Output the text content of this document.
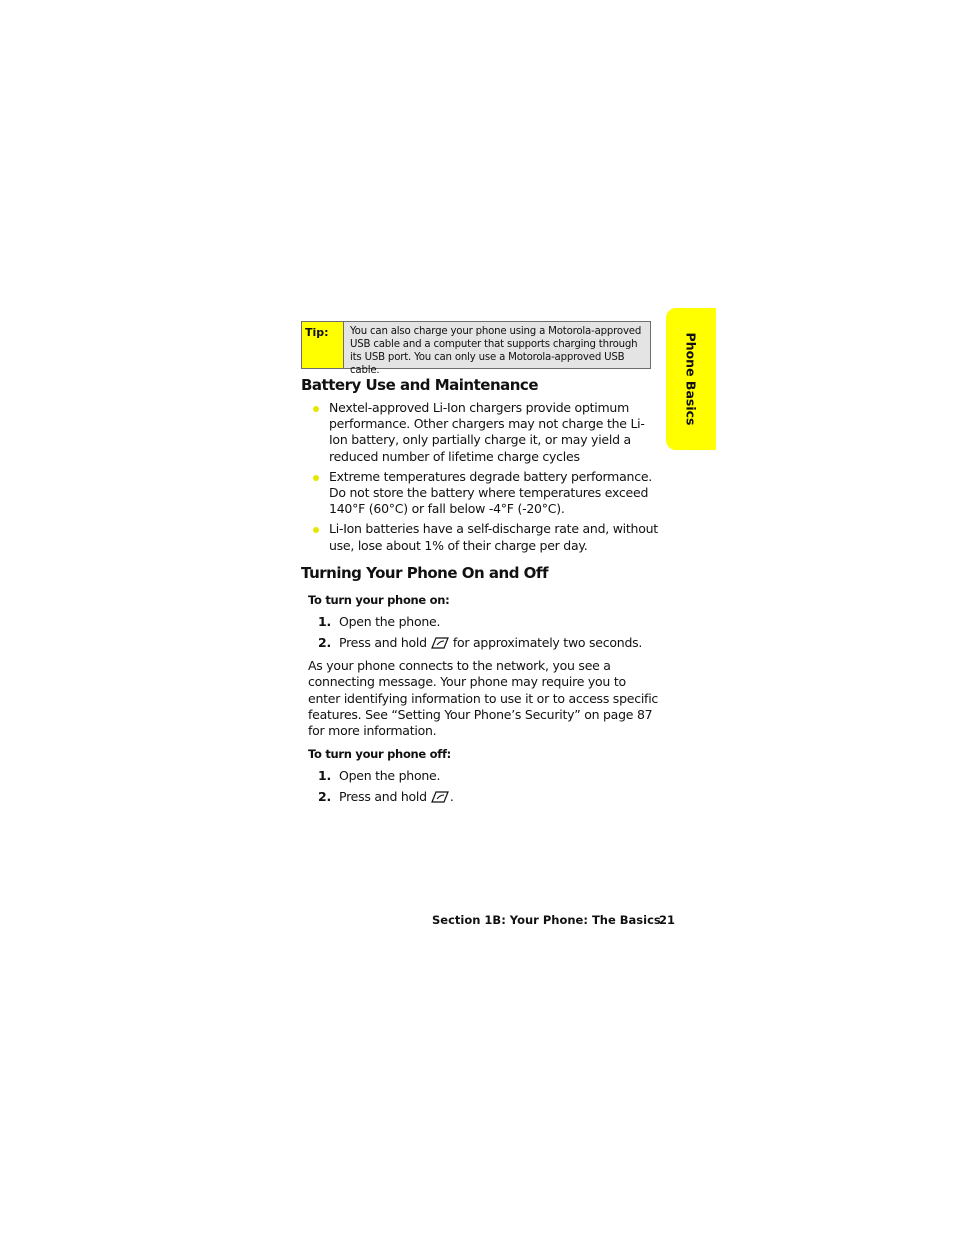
Tip:	You can also charge your phone using a Motorola-approved USB cable and a computer that supports charging through its USB port. You can only use a Motorola-approved USB cable.	Phone Basics
Battery Use and Maintenance
Nextel-approved Li-Ion chargers provide optimum performance. Other chargers may not charge the Li-Ion battery, only partially charge it, or may yield a reduced number of lifetime charge cycles
Extreme temperatures degrade battery performance. Do not store the battery where temperatures exceed 140°F (60°C) or fall below -4°F (-20°C).
Li-Ion batteries have a self-discharge rate and, without use, lose about 1% of their charge per day.
Turning Your Phone On and Off
To turn your phone on:
1. Open the phone.
2. Press and hold for approximately two seconds.

As your phone connects to the network, you see a connecting message. Your phone may require you to enter identifying information to use it or to access specific features. See “Setting Your Phone’s Security” on page 87 for more information.

To turn your phone off:
1. Open the phone.
2. Press and hold .
Section 1B: Your Phone: The Basics
21
